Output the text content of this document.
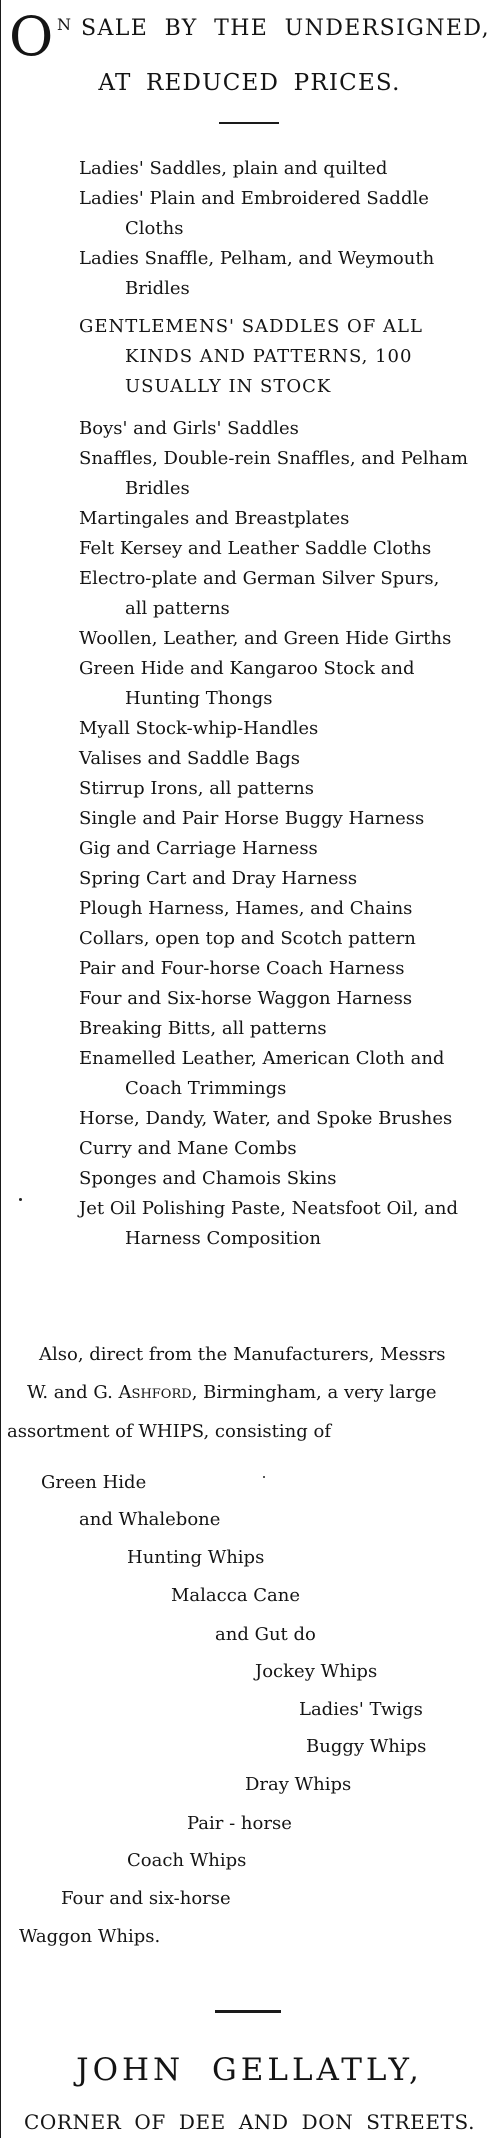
O $^N$ SALE BY THE UNDERSIGNED,
AT REDUCED PRICES.
Ladies' Saddles, plain and quilted
Ladies' Plain and Embroidered Saddle
Cloths
Ladies Snaffle, Pelham, and Weymouth
Bridles
GENTLEMENS' SADDLES OF ALL
KINDS AND PATTERNS, 100
USUALLY IN STOCK
Boys' and Girls' Saddles
Snaffles, Double-rein Snaffles, and Pelham
Bridles
Martingales and Breastplates
Felt Kersey and Leather Saddle Cloths
Electro-plate and German Silver Spurs,
all patterns
Woollen, Leather, and Green Hide Girths
Green Hide and Kangaroo Stock and
Hunting Thongs
Myall Stock-whip-Handles
Valises and Saddle Bags
Stirrup Irons, all patterns
Single and Pair Horse Buggy Harness
Gig and Carriage Harness
Spring Cart and Dray Harness
Plough Harness, Hames, and Chains
Collars, open top and Scotch pattern
Pair and Four-horse Coach Harness
Four and Six-horse Waggon Harness
Breaking Bitts, all patterns
Enamelled Leather, American Cloth and
Coach Trimmings
Horse, Dandy, Water, and Spoke Brushes
Curry and Mane Combs
Sponges and Chamois Skins
Jet Oil Polishing Paste, Neatsfoot Oil, and
Harness Composition
Also, direct from the Manufacturers, Messrs
W. and G. Ashford, Birmingham, a very large
assortment of WHIPS, consisting of
Green Hide
and Whalebone
Hunting Whips
Malacca Cane
and Gut do
Jockey Whips
Ladies' Twigs
Buggy Whips
Dray Whips
Pair - horse
Coach Whips
Four and six-horse
Waggon Whips.
JOHN GELLATLY,
CORNER OF DEE AND DON STREETS.
